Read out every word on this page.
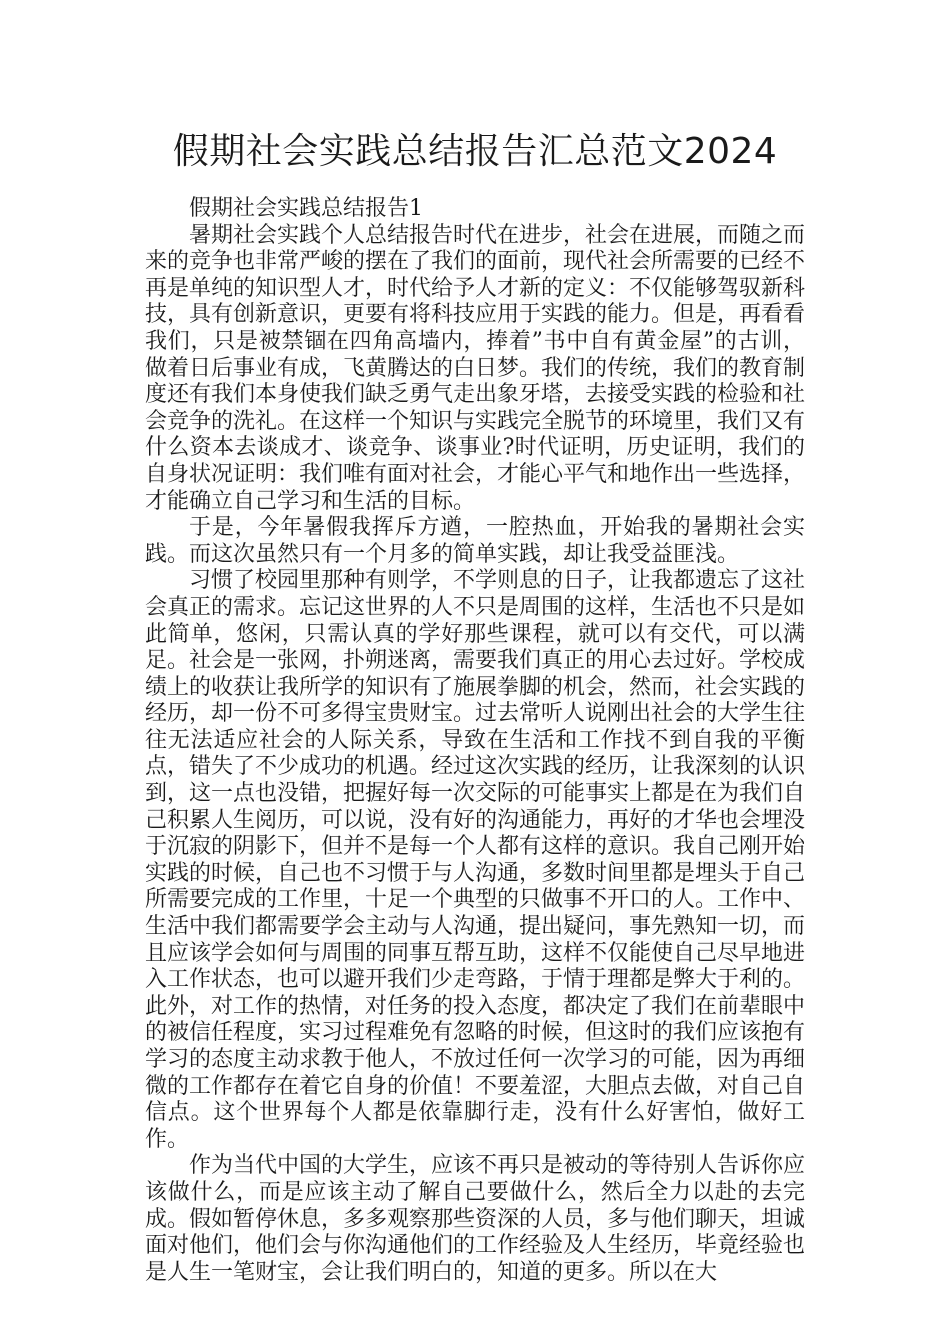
假期社会实践总结报告汇总范文2024

假期社会实践总结报告1

暑期社会实践个人总结报告时代在进步，社会在进展，而随之而来的竞争也非常严峻的摆在了我们的面前，现代社会所需要的已经不再是单纯的知识型人才，时代给予人才新的定义：不仅能够驾驭新科技，具有创新意识，更要有将科技应用于实践的能力。但是，再看看我们，只是被禁锢在四角高墙内，捧着”书中自有黄金屋”的古训，做着日后事业有成，飞黄腾达的白日梦。我们的传统，我们的教育制度还有我们本身使我们缺乏勇气走出象牙塔，去接受实践的检验和社会竞争的洗礼。在这样一个知识与实践完全脱节的环境里，我们又有什么资本去谈成才、谈竞争、谈事业?时代证明，历史证明，我们的自身状况证明：我们唯有面对社会，才能心平气和地作出一些选择，才能确立自己学习和生活的目标。

于是，今年暑假我挥斥方遒，一腔热血，开始我的暑期社会实践。而这次虽然只有一个月多的简单实践，却让我受益匪浅。

习惯了校园里那种有则学，不学则息的日子，让我都遗忘了这社会真正的需求。忘记这世界的人不只是周围的这样，生活也不只是如此简单，悠闲，只需认真的学好那些课程，就可以有交代，可以满足。社会是一张网，扑朔迷离，需要我们真正的用心去过好。学校成绩上的收获让我所学的知识有了施展拳脚的机会，然而，社会实践的经历，却一份不可多得宝贵财宝。过去常听人说刚出社会的大学生往往无法适应社会的人际关系，导致在生活和工作找不到自我的平衡点，错失了不少成功的机遇。经过这次实践的经历，让我深刻的认识到，这一点也没错，把握好每一次交际的可能事实上都是在为我们自己积累人生阅历，可以说，没有好的沟通能力，再好的才华也会埋没于沉寂的阴影下，但并不是每一个人都有这样的意识。我自己刚开始实践的时候，自己也不习惯于与人沟通，多数时间里都是埋头于自己所需要完成的工作里，十足一个典型的只做事不开口的人。工作中、生活中我们都需要学会主动与人沟通，提出疑问，事先熟知一切，而且应该学会如何与周围的同事互帮互助，这样不仅能使自己尽早地进入工作状态，也可以避开我们少走弯路，于情于理都是弊大于利的。此外，对工作的热情，对任务的投入态度，都决定了我们在前辈眼中的被信任程度，实习过程难免有忽略的时候，但这时的我们应该抱有学习的态度主动求教于他人，不放过任何一次学习的可能，因为再细微的工作都存在着它自身的价值！不要羞涩，大胆点去做，对自己自信点。这个世界每个人都是依靠脚行走，没有什么好害怕，做好工作。

作为当代中国的大学生，应该不再只是被动的等待别人告诉你应该做什么，而是应该主动了解自己要做什么，然后全力以赴的去完成。假如暂停休息，多多观察那些资深的人员，多与他们聊天，坦诚面对他们，他们会与你沟通他们的工作经验及人生经历，毕竟经验也是人生一笔财宝，会让我们明白的，知道的更多。所以在大
